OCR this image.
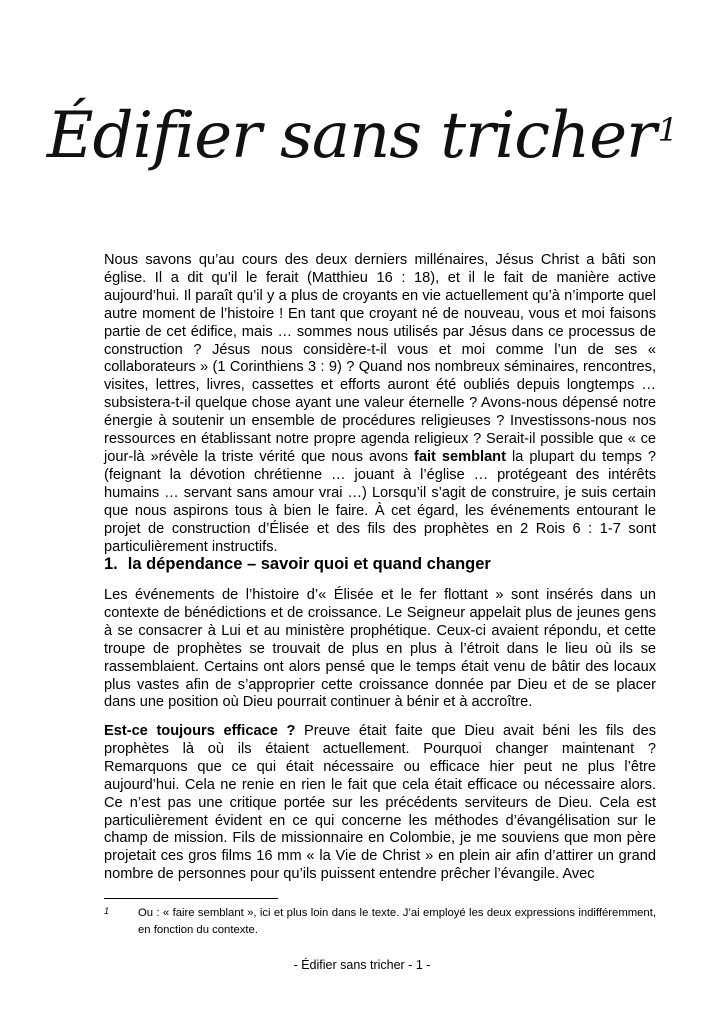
Édifier sans tricher$^1$
Nous savons qu’au cours des deux derniers millénaires, Jésus Christ a bâti son église. Il a dit qu’il le ferait (Matthieu 16 : 18), et il le fait de manière active aujourd’hui. Il paraît qu’il y a plus de croyants en vie actuellement qu’à n’importe quel autre moment de l’histoire ! En tant que croyant né de nouveau, vous et moi faisons partie de cet édifice, mais … sommes nous utilisés par Jésus dans ce processus de construction ? Jésus nous considère-t-il vous et moi comme l’un de ses « collaborateurs » (1 Corinthiens 3 : 9) ? Quand nos nombreux séminaires, rencontres, visites, lettres, livres, cassettes et efforts auront été oubliés depuis longtemps … subsistera-t-il quelque chose ayant une valeur éternelle ? Avons-nous dépensé notre énergie à soutenir un ensemble de procédures religieuses ? Investissons-nous nos ressources en établissant notre propre agenda religieux ? Serait-il possible que « ce jour-là »révèle la triste vérité que nous avons fait semblant la plupart du temps ? (feignant la dévotion chrétienne … jouant à l’église … protégeant des intérêts humains … servant sans amour vrai …) Lorsqu’il s’agit de construire, je suis certain que nous aspirons tous à bien le faire. À cet égard, les événements entourant le projet de construction d’Élisée et des fils des prophètes en 2 Rois 6 : 1-7 sont particulièrement instructifs.
1. la dépendance – savoir quoi et quand changer
Les événements de l’histoire d’« Élisée et le fer flottant » sont insérés dans un contexte de bénédictions et de croissance. Le Seigneur appelait plus de jeunes gens à se consacrer à Lui et au ministère prophétique. Ceux-ci avaient répondu, et cette troupe de prophètes se trouvait de plus en plus à l’étroit dans le lieu où ils se rassemblaient. Certains ont alors pensé que le temps était venu de bâtir des locaux plus vastes afin de s’approprier cette croissance donnée par Dieu et de se placer dans une position où Dieu pourrait continuer à bénir et à accroître.
Est-ce toujours efficace ? Preuve était faite que Dieu avait béni les fils des prophètes là où ils étaient actuellement. Pourquoi changer maintenant ? Remarquons que ce qui était nécessaire ou efficace hier peut ne plus l’être aujourd’hui. Cela ne renie en rien le fait que cela était efficace ou nécessaire alors. Ce n’est pas une critique portée sur les précédents serviteurs de Dieu. Cela est particulièrement évident en ce qui concerne les méthodes d’évangélisation sur le champ de mission. Fils de missionnaire en Colombie, je me souviens que mon père projetait ces gros films 16 mm « la Vie de Christ » en plein air afin d’attirer un grand nombre de personnes pour qu’ils puissent entendre prêcher l’évangile. Avec
1	Ou : « faire semblant », ici et plus loin dans le texte. J’ai employé les deux expressions indifféremment, en fonction du contexte.
- Édifier sans tricher - 1 -
